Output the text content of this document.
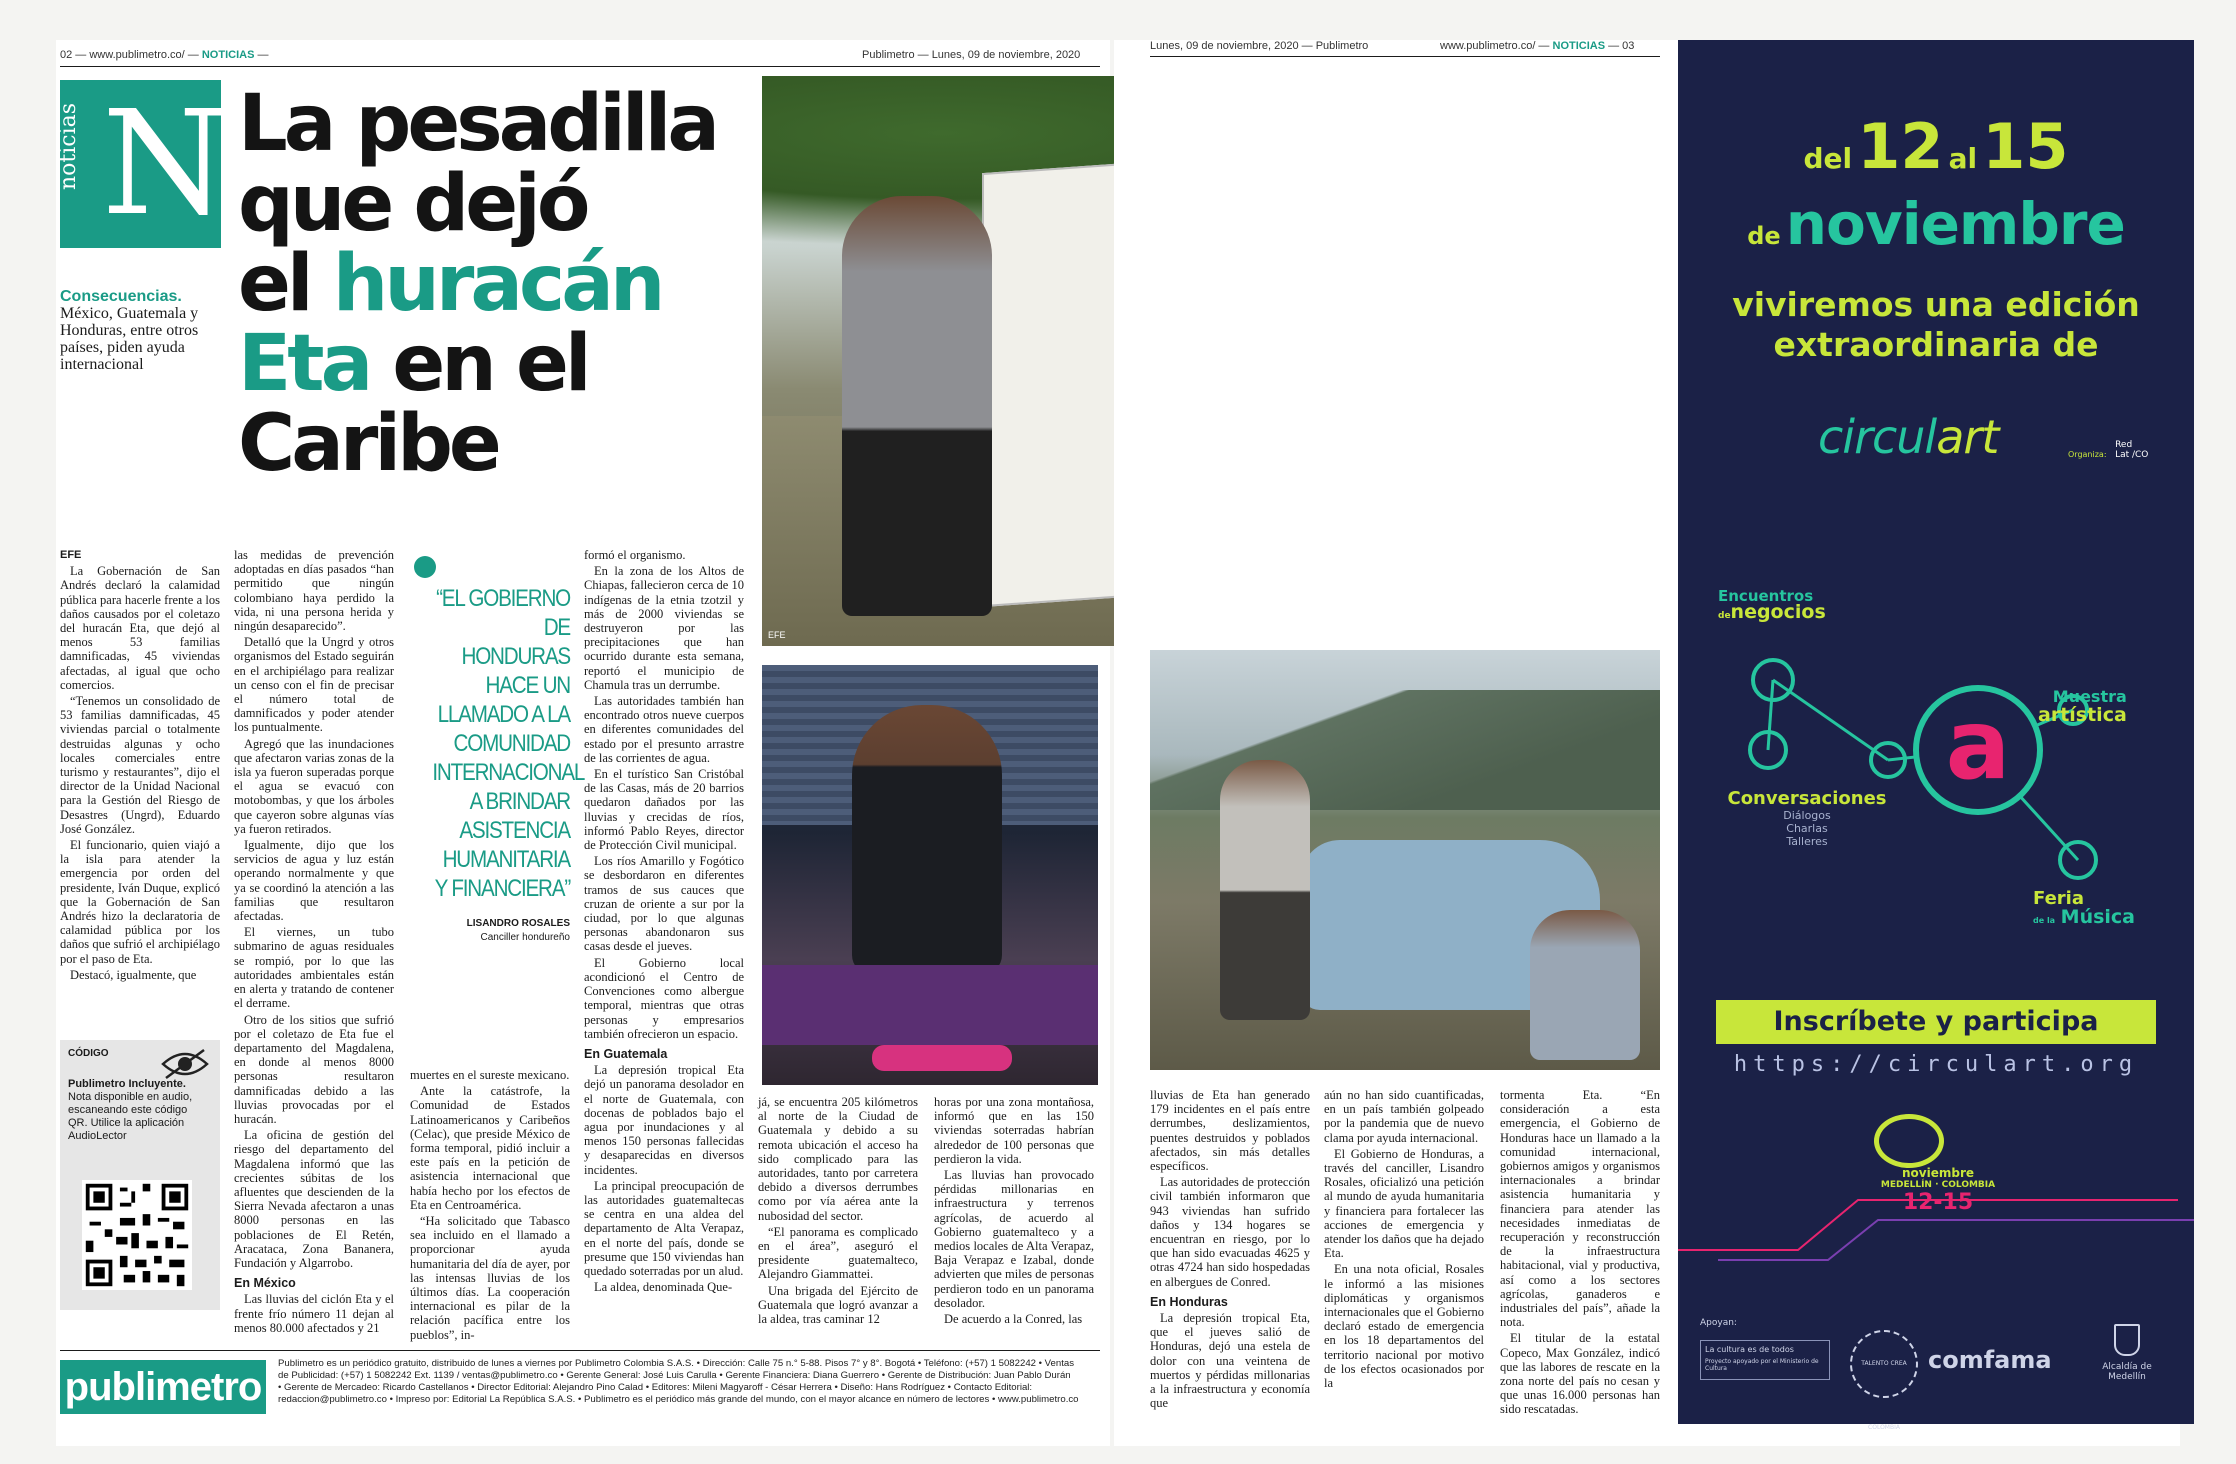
02 — www.publimetro.co/ — NOTICIAS —	Publimetro — Lunes, 09 de noviembre, 2020
noticias N La pesadilla
que dejó
el huracán
Eta en el
Caribe
Consecuencias.
México, Guatemala y Honduras, entre otros países, piden ayuda internacional

EFE

La Gobernación de San Andrés declaró la calamidad pública para hacerle frente a los daños causados por el coletazo del huracán Eta, que dejó al menos 53 familias damnificadas, 45 viviendas afectadas, al igual que ocho comercios.

“Tenemos un consolidado de 53 familias damnificadas, 45 viviendas parcial o totalmente destruidas algunas y ocho locales comerciales entre turismo y restaurantes”, dijo el director de la Unidad Nacional para la Gestión del Riesgo de Desastres (Ungrd), Eduardo José González.

El funcionario, quien viajó a la isla para atender la emergencia por orden del presidente, Iván Duque, explicó que la Gobernación de San Andrés hizo la declaratoria de calamidad pública por los daños que sufrió el archipiélago por el paso de Eta.

Destacó, igualmente, que

CÓDIGO
Publimetro Incluyente. Nota disponible en audio, escaneando este código QR. Utilice la aplicación AudioLector

las medidas de prevención adoptadas en días pasados “han permitido que ningún colombiano haya perdido la vida, ni una persona herida y ningún desaparecido”.

Detalló que la Ungrd y otros organismos del Estado seguirán en el archipiélago para realizar un censo con el fin de precisar el número total de damnificados y poder atender los puntualmente.

Agregó que las inundaciones que afectaron varias zonas de la isla ya fueron superadas porque el agua se evacuó con motobombas, y que los árboles que cayeron sobre algunas vías ya fueron retirados.

Igualmente, dijo que los servicios de agua y luz están operando normalmente y que ya se coordinó la atención a las familias que resultaron afectadas.

El viernes, un tubo submarino de aguas residuales se rompió, por lo que las autoridades ambientales están en alerta y tratando de contener el derrame.

Otro de los sitios que sufrió por el coletazo de Eta fue el departamento del Magdalena, en donde al menos 8000 personas resultaron damnificadas debido a las lluvias provocadas por el huracán.

La oficina de gestión del riesgo del departamento del Magdalena informó que las crecientes súbitas de los afluentes que descienden de la Sierra Nevada afectaron a unas 8000 personas en las poblaciones de El Retén, Aracataca, Zona Bananera, Fundación y Algarrobo.

En México

Las lluvias del ciclón Eta y el frente frío número 11 dejan al menos 80.000 afectados y 21

“EL GOBIERNO DE HONDURAS HACE UN LLAMADO A LA COMUNIDAD INTERNACIONAL A BRINDAR ASISTENCIA HUMANITARIA Y FINANCIERA”
LISANDRO ROSALES
Canciller hondureño

muertes en el sureste mexicano.

Ante la catástrofe, la Comunidad de Estados Latinoamericanos y Caribeños (Celac), que preside México de forma temporal, pidió incluir a este país en la petición de asistencia internacional que había hecho por los efectos de Eta en Centroamérica.

“Ha solicitado que Tabasco sea incluido en el llamado a proporcionar ayuda humanitaria del día de ayer, por las intensas lluvias de los últimos días. La cooperación internacional es pilar de la relación pacífica entre los pueblos”, in-

formó el organismo.

En la zona de los Altos de Chiapas, fallecieron cerca de 10 indígenas de la etnia tzotzil y más de 2000 viviendas se destruyeron por las precipitaciones que han ocurrido durante esta semana, reportó el municipio de Chamula tras un derrumbe.

Las autoridades también han encontrado otros nueve cuerpos en diferentes comunidades del estado por el presunto arrastre de las corrientes de agua.

En el turístico San Cristóbal de las Casas, más de 20 barrios quedaron dañados por las lluvias y crecidas de ríos, informó Pablo Reyes, director de Protección Civil municipal.

Los ríos Amarillo y Fogótico se desbordaron en diferentes tramos de sus cauces que cruzan de oriente a sur por la ciudad, por lo que algunas personas abandonaron sus casas desde el jueves.

El Gobierno local acondicionó el Centro de Convenciones como albergue temporal, mientras que otras personas y empresarios también ofrecieron un espacio.

En Guatemala

La depresión tropical Eta dejó un panorama desolador en el norte de Guatemala, con docenas de poblados bajo el agua por inundaciones y al menos 150 personas fallecidas y desaparecidas en diversos incidentes.

La principal preocupación de las autoridades guatemaltecas se centra en una aldea del departamento de Alta Verapaz, en el norte del país, donde se presume que 150 viviendas han quedado soterradas por un alud.

La aldea, denominada Que-

já, se encuentra 205 kilómetros al norte de la Ciudad de Guatemala y debido a su remota ubicación el acceso ha sido complicado para las autoridades, tanto por carretera debido a diversos derrumbes como por vía aérea ante la nubosidad del sector.

“El panorama es complicado en el área”, aseguró el presidente guatemalteco, Alejandro Giammattei.

Una brigada del Ejército de Guatemala que logró avanzar a la aldea, tras caminar 12

horas por una zona montañosa, informó que en las 150 viviendas soterradas habrían alrededor de 100 personas que perdieron la vida.

Las lluvias han provocado pérdidas millonarias en infraestructura y terrenos agrícolas, de acuerdo al Gobierno guatemalteco y a medios locales de Alta Verapaz, Baja Verapaz e Izabal, donde advierten que miles de personas perdieron todo en un panorama desolador.

De acuerdo a la Conred, las

EFE
Lunes, 09 de noviembre, 2020 — Publimetro	www.publimetro.co/ — NOTICIAS — 03

lluvias de Eta han generado 179 incidentes en el país entre derrumbes, deslizamientos, puentes destruidos y poblados afectados, sin más detalles específicos.

Las autoridades de protección civil también informaron que 943 viviendas han sufrido daños y 134 hogares se encuentran en riesgo, por lo que han sido evacuadas 4625 y otras 4724 han sido hospedadas en albergues de Conred.

En Honduras

La depresión tropical Eta, que el jueves salió de Honduras, dejó una estela de dolor con una veintena de muertos y pérdidas millonarias a la infraestructura y economía que

aún no han sido cuantificadas, en un país también golpeado por la pandemia que de nuevo clama por ayuda internacional.

El Gobierno de Honduras, a través del canciller, Lisandro Rosales, oficializó una petición al mundo de ayuda humanitaria y financiera para fortalecer las acciones de emergencia y atender los daños que ha dejado Eta.

En una nota oficial, Rosales le informó a las misiones diplomáticas y organismos internacionales que el Gobierno declaró estado de emergencia en los 18 departamentos del territorio nacional por motivo de los efectos ocasionados por la

tormenta Eta. “En consideración a esta emergencia, el Gobierno de Honduras hace un llamado a la comunidad internacional, gobiernos amigos y organismos internacionales a brindar asistencia humanitaria y financiera para atender las necesidades inmediatas de recuperación y reconstrucción de la infraestructura habitacional, vial y productiva, así como a los sectores agrícolas, ganaderos e industriales del país”, añade la nota.

El titular de la estatal Copeco, Max González, indicó que las labores de rescate en la zona norte del país no cesan y que unas 16.000 personas han sido rescatadas.

del 12 al 15
de noviembre
viviremos una edición extraordinaria de
circulart	Organiza: Red Lat /CO
a
Encuentros
denegocios
Muestra
artística
Conversaciones
Diálogos
Charlas
Talleres
Feria
de la Música
Inscríbete y participa
https://circulart.org
noviembre
MEDELLÍN · COLOMBIA
12-15
Apoyan:
La cultura es de todos
Proyecto apoyado por el Ministerio de Cultura
TALENTO CREA COLOMBIA
comfama	Alcaldía de Medellín
publimetro
Publimetro es un periódico gratuito, distribuido de lunes a viernes por Publimetro Colombia S.A.S. • Dirección: Calle 75 n.° 5-88. Pisos 7° y 8°. Bogotá • Teléfono: (+57) 1 5082242 • Ventas
de Publicidad: (+57) 1 5082242 Ext. 1139 / ventas@publimetro.co • Gerente General: José Luis Carulla • Gerente Financiera: Diana Guerrero • Gerente de Distribución: Juan Pablo Durán
• Gerente de Mercadeo: Ricardo Castellanos • Director Editorial: Alejandro Pino Calad • Editores: Mileni Magyaroff - César Herrera • Diseño: Hans Rodríguez • Contacto Editorial:
redaccion@publimetro.co • Impreso por: Editorial La República S.A.S. • Publimetro es el periódico más grande del mundo, con el mayor alcance en número de lectores • www.publimetro.co
